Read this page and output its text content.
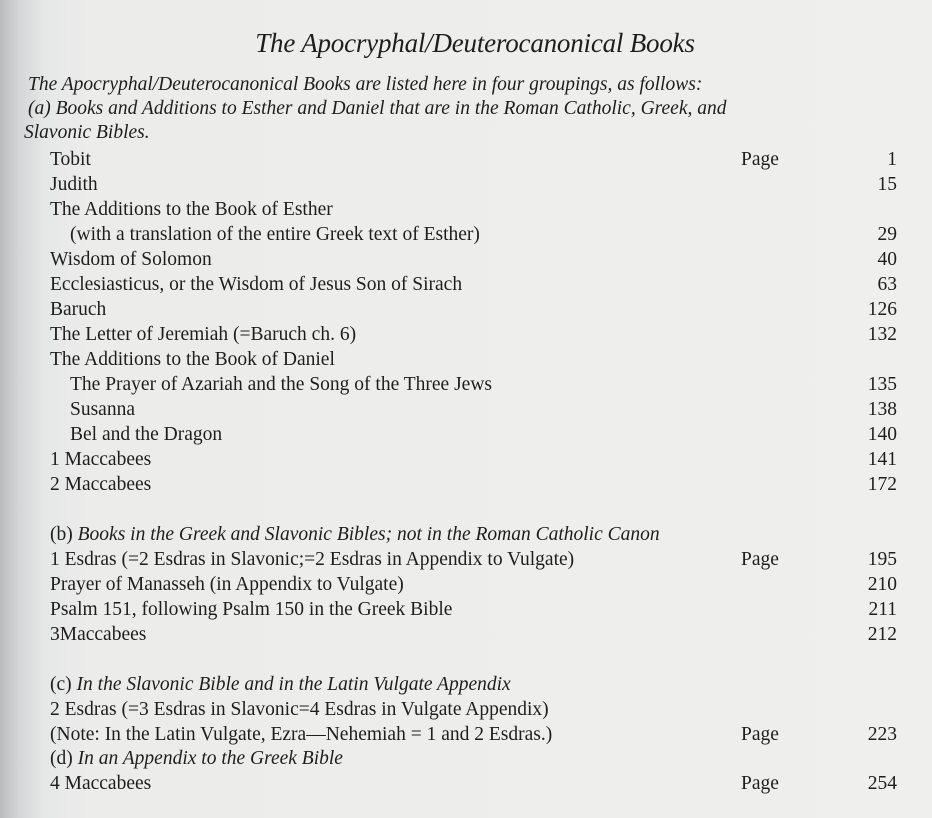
The Apocryphal/Deuterocanonical Books
The Apocryphal/Deuterocanonical Books are listed here in four groupings, as follows:
(a) Books and Additions to Esther and Daniel that are in the Roman Catholic, Greek, and
Slavonic Bibles.
Tobit	Page	1
Judith	15
The Additions to the Book of Esther
(with a translation of the entire Greek text of Esther)	29
Wisdom of Solomon	40
Ecclesiasticus, or the Wisdom of Jesus Son of Sirach	63
Baruch	126
The Letter of Jeremiah (=Baruch ch. 6)	132
The Additions to the Book of Daniel
The Prayer of Azariah and the Song of the Three Jews	135
Susanna	138
Bel and the Dragon	140
1 Maccabees	141
2 Maccabees	172
(b) Books in the Greek and Slavonic Bibles; not in the Roman Catholic Canon
1 Esdras (=2 Esdras in Slavonic;=2 Esdras in Appendix to Vulgate)	Page	195
Prayer of Manasseh (in Appendix to Vulgate)	210
Psalm 151, following Psalm 150 in the Greek Bible	211
3Maccabees	212
(c) In the Slavonic Bible and in the Latin Vulgate Appendix
2 Esdras (=3 Esdras in Slavonic=4 Esdras in Vulgate Appendix)
(Note: In the Latin Vulgate, Ezra—Nehemiah = 1 and 2 Esdras.)	Page	223
(d) In an Appendix to the Greek Bible
4 Maccabees	Page	254
